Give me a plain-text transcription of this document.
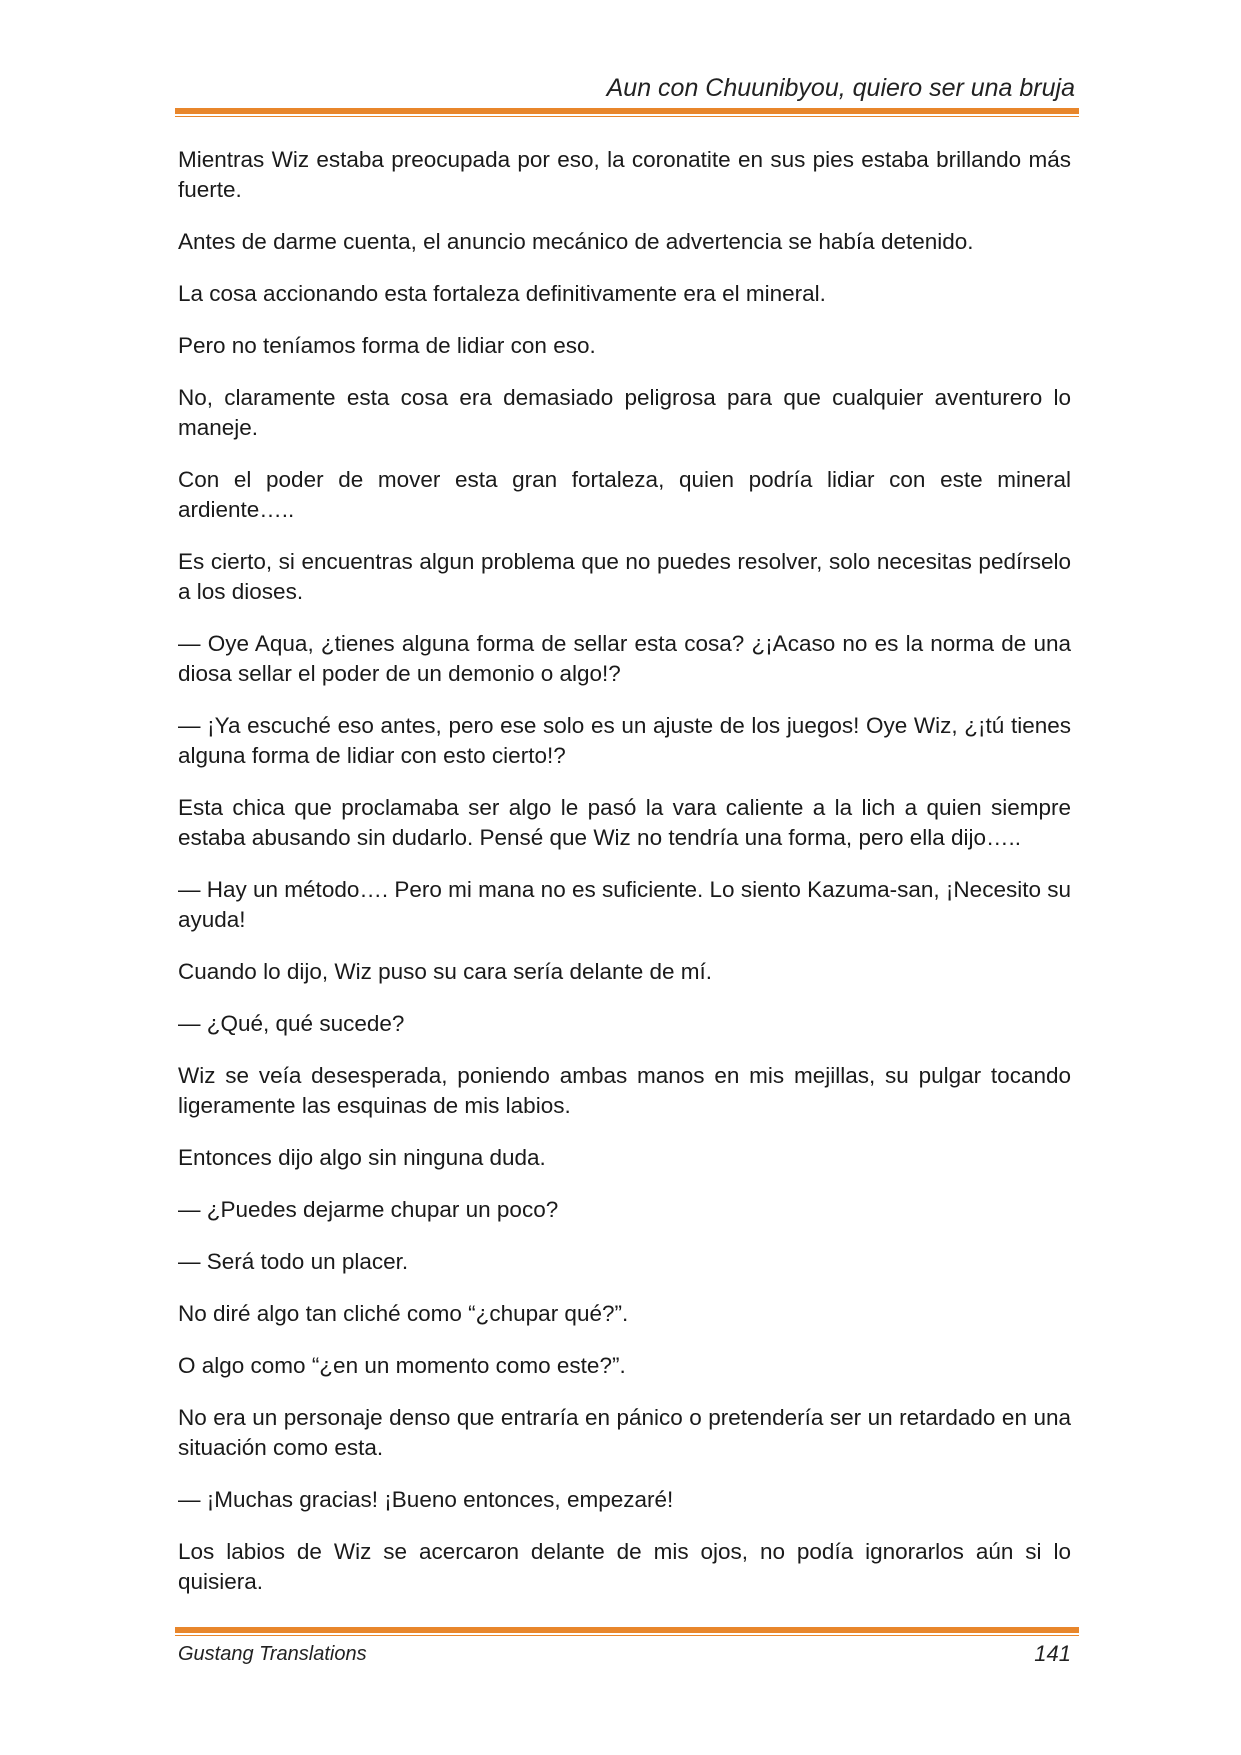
Aun con Chuunibyou, quiero ser una bruja

Mientras Wiz estaba preocupada por eso, la coronatite en sus pies estaba brillando más fuerte.

Antes de darme cuenta, el anuncio mecánico de advertencia se había detenido.

La cosa accionando esta fortaleza definitivamente era el mineral.

Pero no teníamos forma de lidiar con eso.

No, claramente esta cosa era demasiado peligrosa para que cualquier aventurero lo maneje.

Con el poder de mover esta gran fortaleza, quien podría lidiar con este mineral ardiente…..

Es cierto, si encuentras algun problema que no puedes resolver, solo necesitas pedírselo a los dioses.

— Oye Aqua, ¿tienes alguna forma de sellar esta cosa? ¿¡Acaso no es la norma de una diosa sellar el poder de un demonio o algo!?

— ¡Ya escuché eso antes, pero ese solo es un ajuste de los juegos! Oye Wiz, ¿¡tú tienes alguna forma de lidiar con esto cierto!?

Esta chica que proclamaba ser algo le pasó la vara caliente a la lich a quien siempre estaba abusando sin dudarlo. Pensé que Wiz no tendría una forma, pero ella dijo…..

— Hay un método…. Pero mi mana no es suficiente. Lo siento Kazuma-san, ¡Necesito su ayuda!

Cuando lo dijo, Wiz puso su cara sería delante de mí.

— ¿Qué, qué sucede?

Wiz se veía desesperada, poniendo ambas manos en mis mejillas, su pulgar tocando ligeramente las esquinas de mis labios.

Entonces dijo algo sin ninguna duda.

— ¿Puedes dejarme chupar un poco?

— Será todo un placer.

No diré algo tan cliché como “¿chupar qué?”.

O algo como “¿en un momento como este?”.

No era un personaje denso que entraría en pánico o pretendería ser un retardado en una situación como esta.

— ¡Muchas gracias! ¡Bueno entonces, empezaré!

Los labios de Wiz se acercaron delante de mis ojos, no podía ignorarlos aún si lo quisiera.

Gustang Translations	141
